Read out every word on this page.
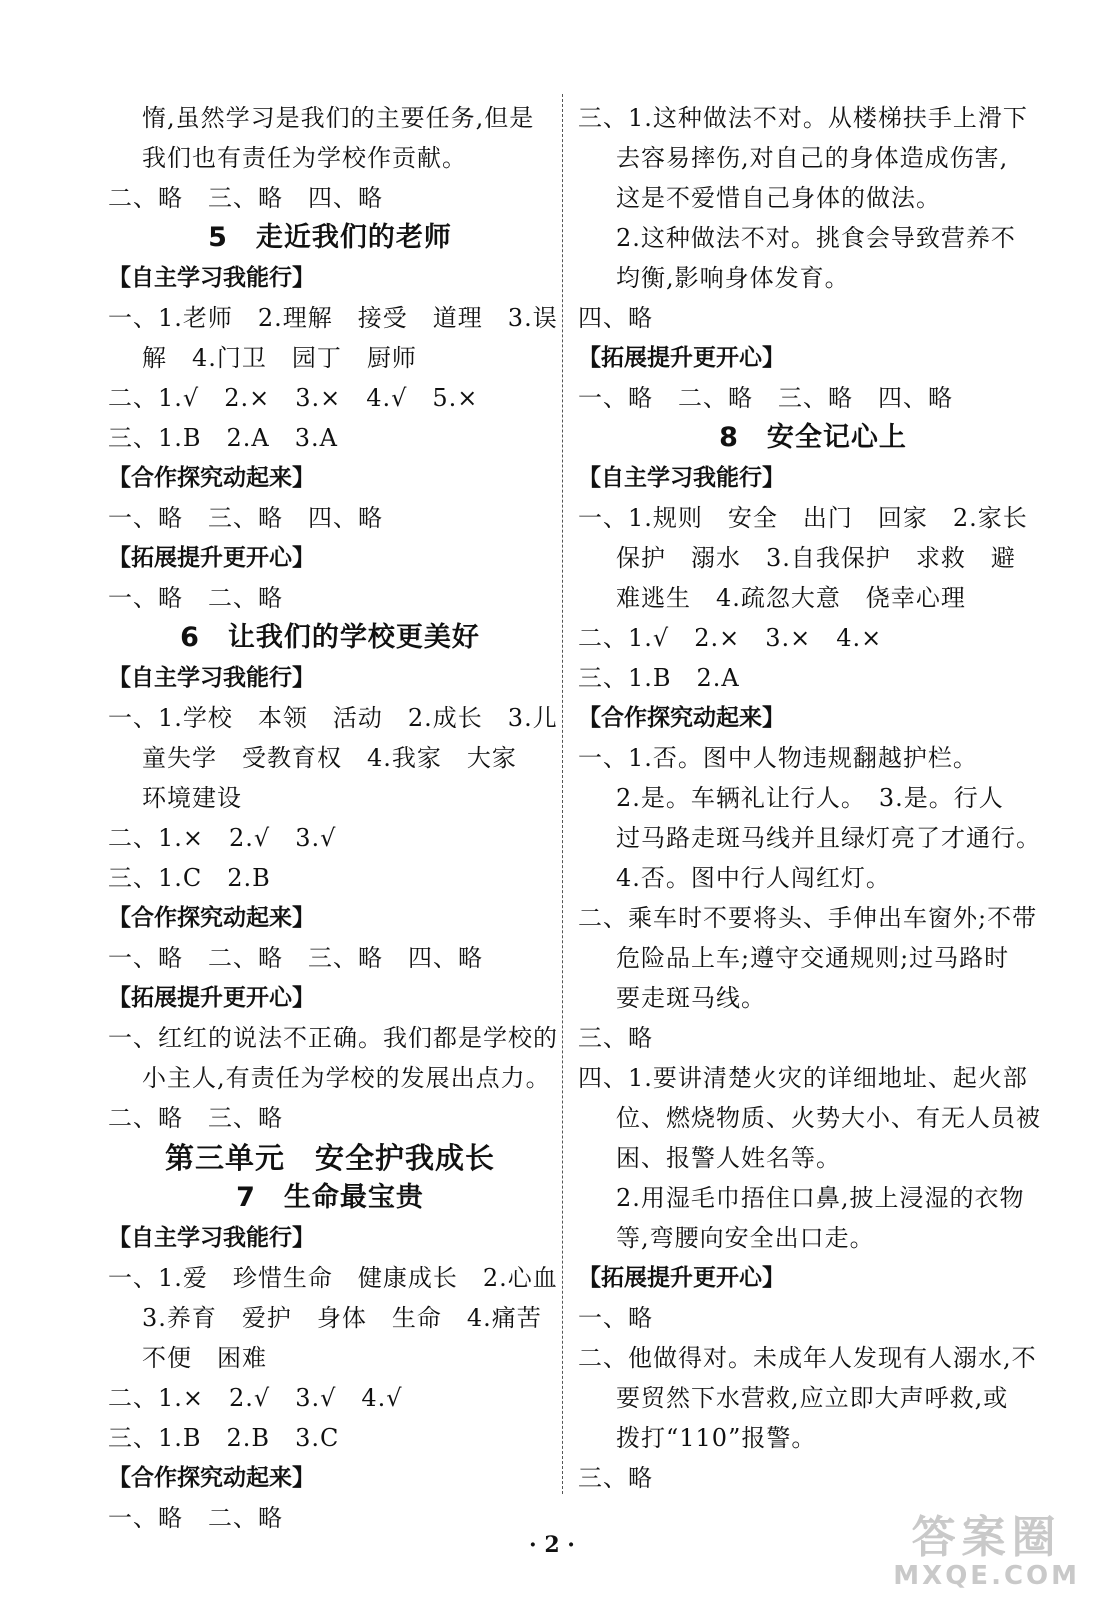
惰,虽然学习是我们的主要任务,但是
我们也有责任为学校作贡献。
二、略　三、略　四、略
5　走近我们的老师
【自主学习我能行】
一、1.老师　2.理解　接受　道理　3.误
解　4.门卫　园丁　厨师
二、1.√　2.×　3.×　4.√　5.×
三、1.B　2.A　3.A
【合作探究动起来】
一、略　三、略　四、略
【拓展提升更开心】
一、略　二、略
6　让我们的学校更美好
【自主学习我能行】
一、1.学校　本领　活动　2.成长　3.儿
童失学　受教育权　4.我家　大家
环境建设
二、1.×　2.√　3.√
三、1.C　2.B
【合作探究动起来】
一、略　二、略　三、略　四、略
【拓展提升更开心】
一、红红的说法不正确。我们都是学校的
小主人,有责任为学校的发展出点力。
二、略　三、略
第三单元　安全护我成长
7　生命最宝贵
【自主学习我能行】
一、1.爱　珍惜生命　健康成长　2.心血
3.养育　爱护　身体　生命　4.痛苦
不便　困难
二、1.×　2.√　3.√　4.√
三、1.B　2.B　3.C
【合作探究动起来】
一、略　二、略
三、1.这种做法不对。从楼梯扶手上滑下
去容易摔伤,对自己的身体造成伤害,
这是不爱惜自己身体的做法。
2.这种做法不对。挑食会导致营养不
均衡,影响身体发育。
四、略
【拓展提升更开心】
一、略　二、略　三、略　四、略
8　安全记心上
【自主学习我能行】
一、1.规则　安全　出门　回家　2.家长
保护　溺水　3.自我保护　求救　避
难逃生　4.疏忽大意　侥幸心理
二、1.√　2.×　3.×　4.×
三、1.B　2.A
【合作探究动起来】
一、1.否。图中人物违规翻越护栏。
2.是。车辆礼让行人。　3.是。行人
过马路走斑马线并且绿灯亮了才通行。
4.否。图中行人闯红灯。
二、乘车时不要将头、手伸出车窗外;不带
危险品上车;遵守交通规则;过马路时
要走斑马线。
三、略
四、1.要讲清楚火灾的详细地址、起火部
位、燃烧物质、火势大小、有无人员被
困、报警人姓名等。
2.用湿毛巾捂住口鼻,披上浸湿的衣物
等,弯腰向安全出口走。
【拓展提升更开心】
一、略
二、他做得对。未成年人发现有人溺水,不
要贸然下水营救,应立即大声呼救,或
拨打“110”报警。
三、略
· 2 ·	答案圈
MXQE.COM
